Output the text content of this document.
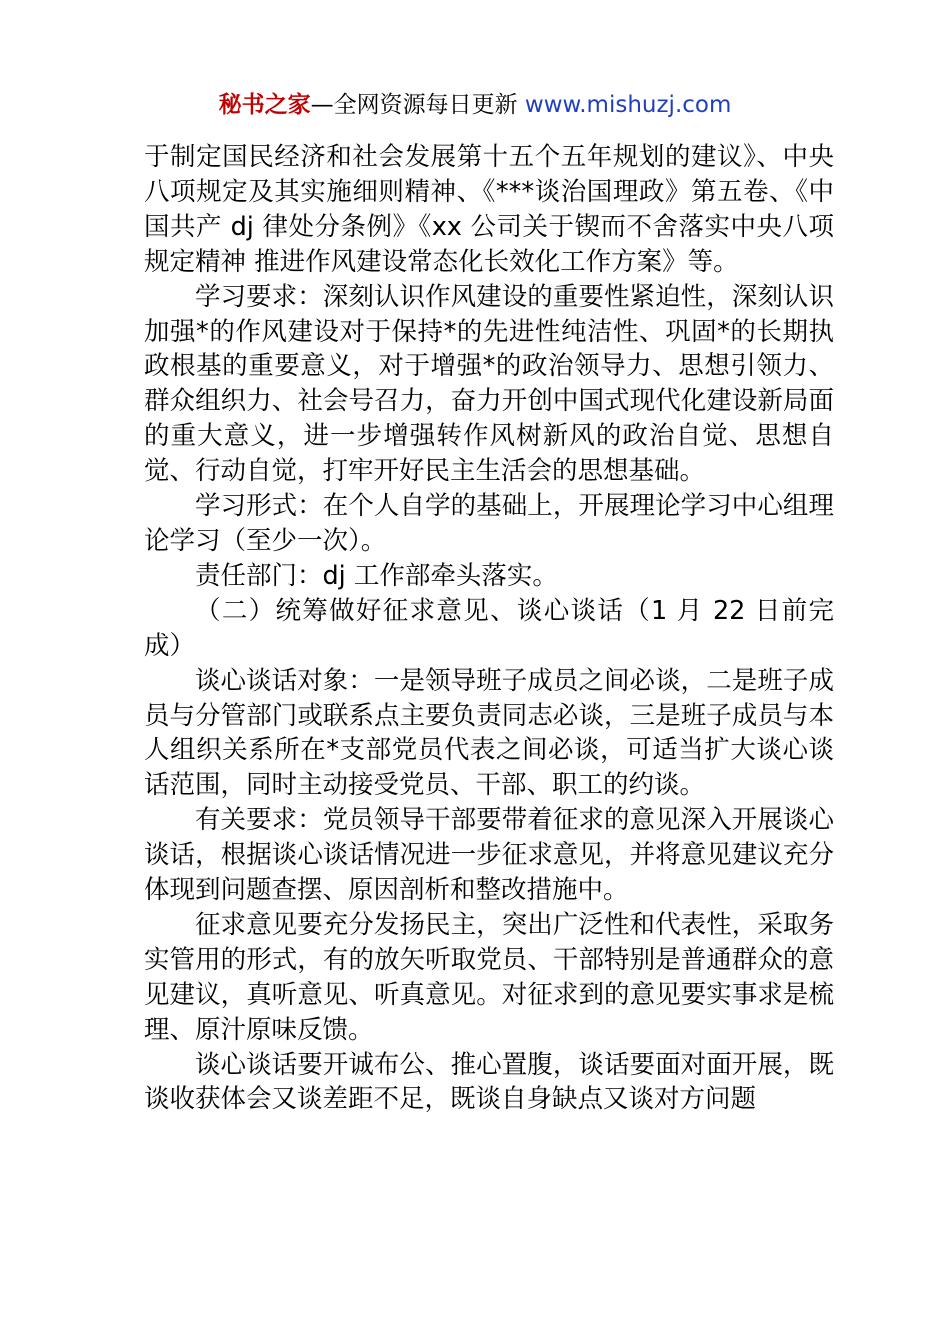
秘书之家—全网资源每日更新 www.mishuzj.com

于制定国民经济和社会发展第十五个五年规划的建议》、中央八项规定及其实施细则精神、《***谈治国理政》第五卷、《中国共产 dj 律处分条例》《xx 公司关于锲而不舍落实中央八项规定精神 推进作风建设常态化长效化工作方案》等。

学习要求：深刻认识作风建设的重要性紧迫性，深刻认识加强*的作风建设对于保持*的先进性纯洁性、巩固*的长期执政根基的重要意义，对于增强*的政治领导力、思想引领力、群众组织力、社会号召力，奋力开创中国式现代化建设新局面的重大意义，进一步增强转作风树新风的政治自觉、思想自觉、行动自觉，打牢开好民主生活会的思想基础。

学习形式：在个人自学的基础上，开展理论学习中心组理论学习（至少一次）。

责任部门：dj 工作部牵头落实。

（二）统筹做好征求意见、谈心谈话（1 月 22 日前完成）

谈心谈话对象：一是领导班子成员之间必谈，二是班子成员与分管部门或联系点主要负责同志必谈，三是班子成员与本人组织关系所在*支部党员代表之间必谈，可适当扩大谈心谈话范围，同时主动接受党员、干部、职工的约谈。

有关要求：党员领导干部要带着征求的意见深入开展谈心谈话，根据谈心谈话情况进一步征求意见，并将意见建议充分体现到问题查摆、原因剖析和整改措施中。

征求意见要充分发扬民主，突出广泛性和代表性，采取务实管用的形式，有的放矢听取党员、干部特别是普通群众的意见建议，真听意见、听真意见。对征求到的意见要实事求是梳理、原汁原味反馈。

谈心谈话要开诚布公、推心置腹，谈话要面对面开展，既谈收获体会又谈差距不足，既谈自身缺点又谈对方问题
